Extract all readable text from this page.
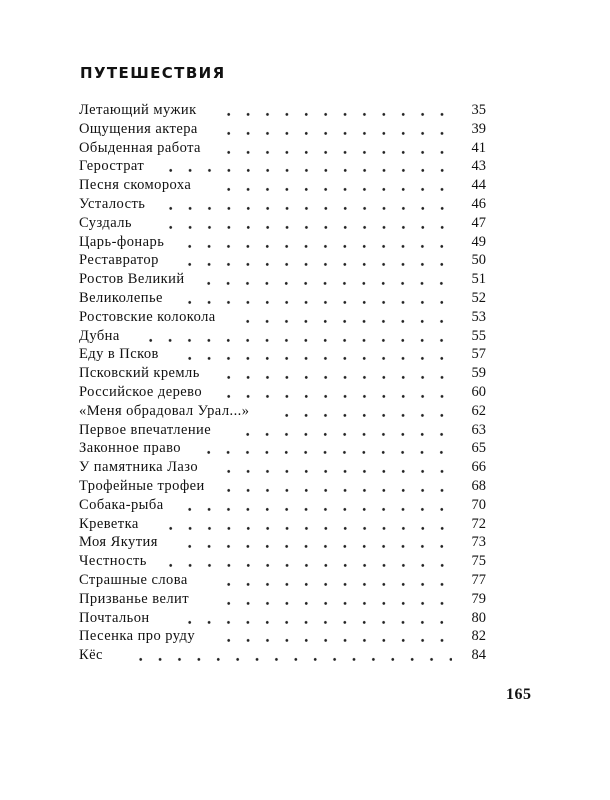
ПУТЕШЕСТВИЯ
Летающий мужик	35
Ощущения актера	39
Обыденная работа	41
Герострат	43
Песня скомороха	44
Усталость	46
Суздаль	47
Царь-фонарь	49
Реставратор	50
Ростов Великий	51
Великолепье	52
Ростовские колокола	53
Дубна	55
Еду в Псков	57
Псковский кремль	59
Российское дерево	60
«Меня обрадовал Урал...»	62
Первое впечатление	63
Законное право	65
У памятника Лазо	66
Трофейные трофеи	68
Собака-рыба	70
Креветка	72
Моя Якутия	73
Честность	75
Страшные слова	77
Призванье велит	79
Почтальон	80
Песенка про руду	82
Кёс	84
165
